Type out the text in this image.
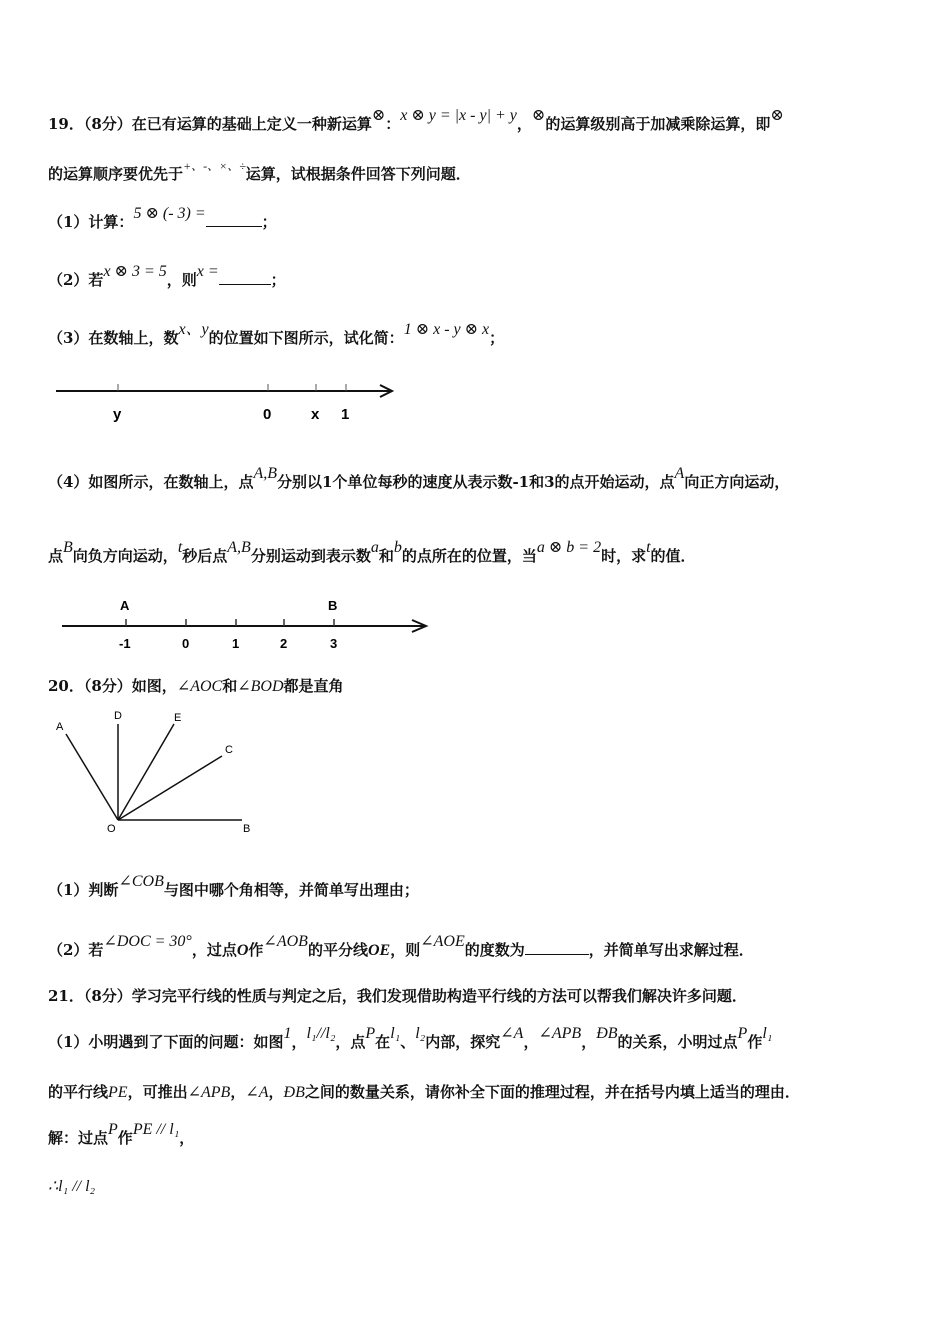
19．（8分）在已有运算的基础上定义一种新运算⊗：x ⊗ y = |x - y| + y，⊗的运算级别高于加减乘除运算，即⊗
的运算顺序要优先于+、-、×、÷运算，试根据条件回答下列问题．
（1）计算：5 ⊗ (- 3) =	；
（2）若x ⊗ 3 = 5，则x =	；
（3）在数轴上，数x、y的位置如下图所示，试化简：1 ⊗ x - y ⊗ x；
y	0	x 1
（4）如图所示，在数轴上，点A,B分别以1个单位每秒的速度从表示数-1和3的点开始运动，点A向正方向运动，
点B向负方向运动，t秒后点A,B分别运动到表示数a和b的点所在的位置，当a ⊗ b = 2时，求t的值．
A	B
-1	0	1	2	3
20．（8分）如图，∠AOC和∠BOD都是直角
A
D	E
C
O	B
（1）判断∠COB与图中哪个角相等，并简单写出理由；
（2）若∠DOC = 30°，过点O作∠AOB的平分线OE，则∠AOE的度数为	，并简单写出求解过程．
21．（8分）学习完平行线的性质与判定之后，我们发现借助构造平行线的方法可以帮我们解决许多问题．
（1）小明遇到了下面的问题：如图1，l₁//l₂，点P在l₁、l₂内部，探究∠A，∠APB，ÐB的关系，小明过点P作l₁
的平行线PE，可推出∠APB，∠A，ÐB之间的数量关系，请你补全下面的推理过程，并在括号内填上适当的理由．
解：过点P作PE // l₁，
∴l₁ // l₂
